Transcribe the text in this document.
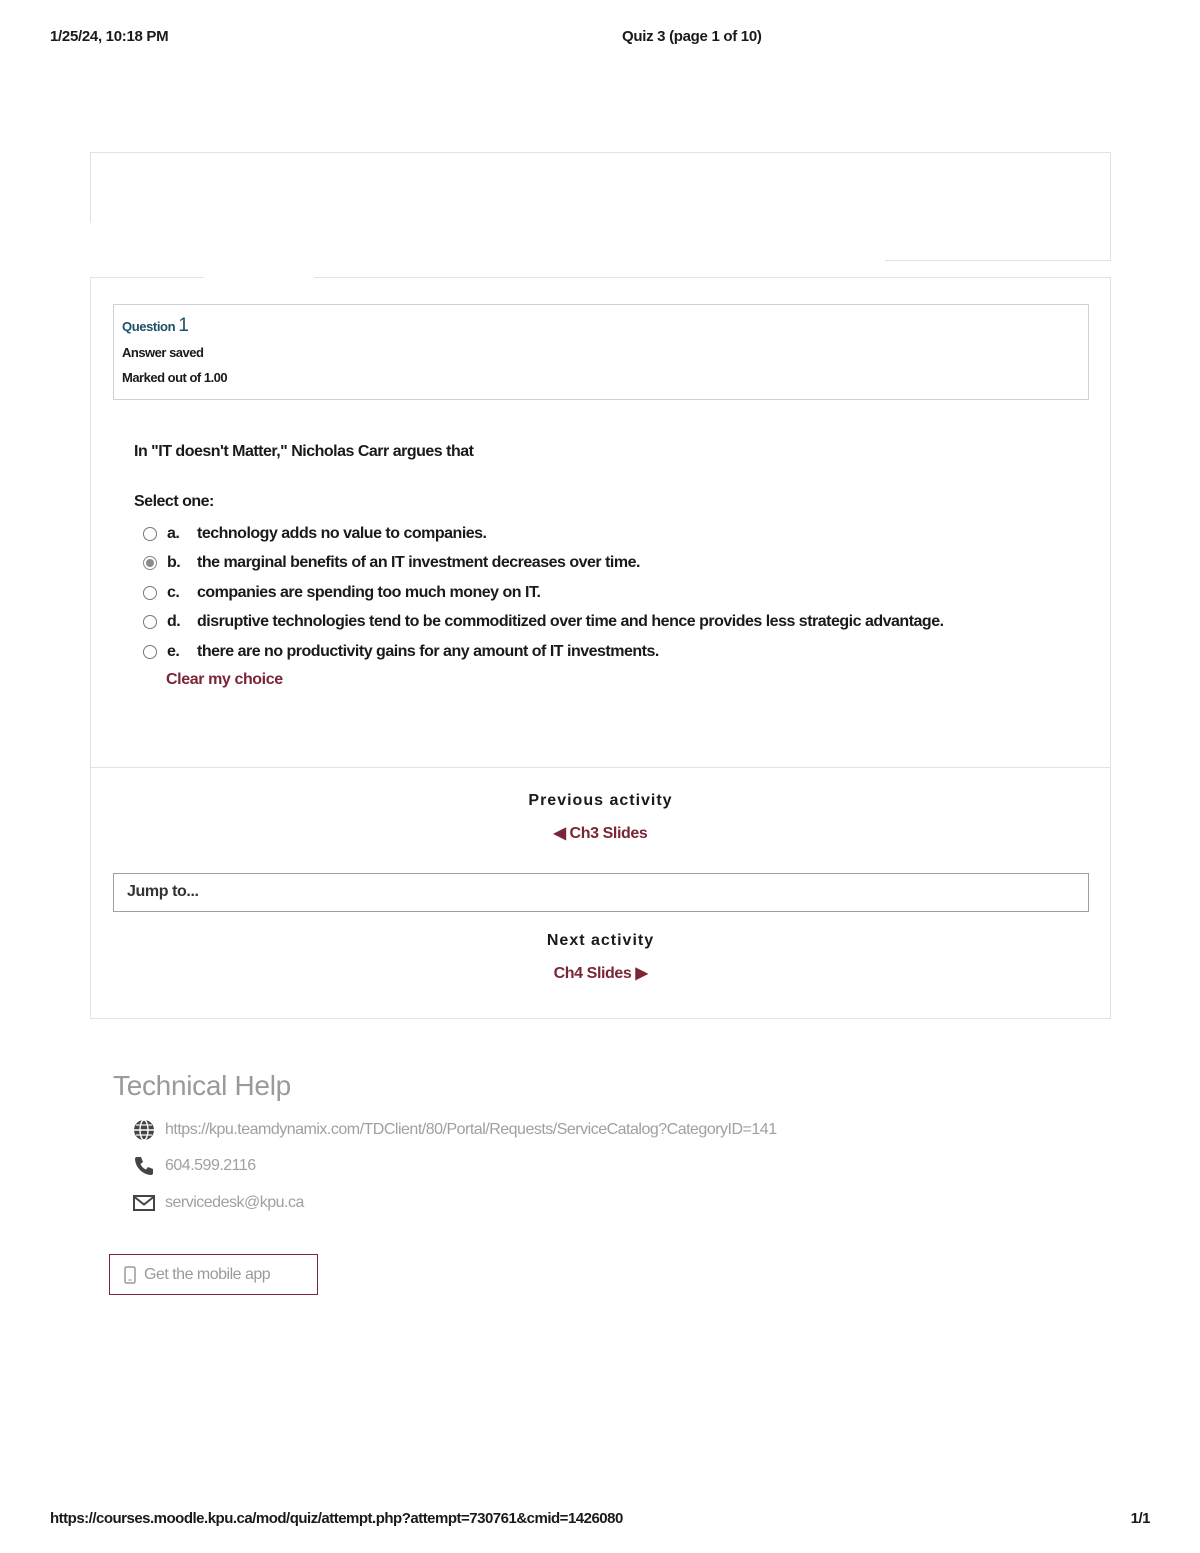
1/25/24, 10:18 PM	Quiz 3 (page 1 of 10)
Question 1
Answer saved
Marked out of 1.00
In "IT doesn't Matter," Nicholas Carr argues that
Select one:
a.	technology adds no value to companies.
b.	the marginal benefits of an IT investment decreases over time.
c.	companies are spending too much money on IT.
d.	disruptive technologies tend to be commoditized over time and hence provides less strategic advantage.
e.	there are no productivity gains for any amount of IT investments.
Clear my choice
Previous activity
◀ Ch3 Slides
Jump to...
Next activity
Ch4 Slides ▶
Technical Help
https://kpu.teamdynamix.com/TDClient/80/Portal/Requests/ServiceCatalog?CategoryID=141
604.599.2116
servicedesk@kpu.ca
Get the mobile app
https://courses.moodle.kpu.ca/mod/quiz/attempt.php?attempt=730761&cmid=1426080	1/1
